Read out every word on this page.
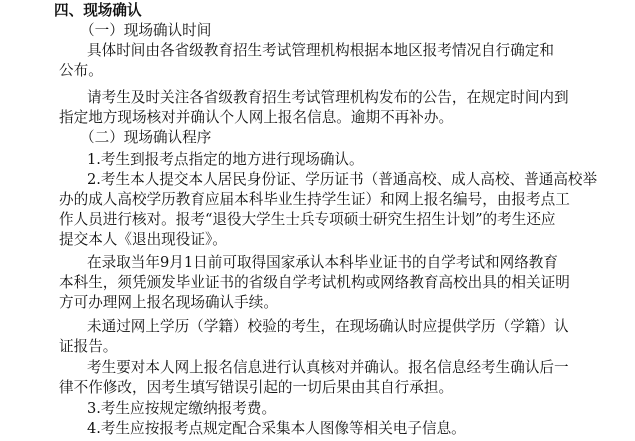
四、现场确认
（一）现场确认时间
具体时间由各省级教育招生考试管理机构根据本地区报考情况自行确定和
公布。
请考生及时关注各省级教育招生考试管理机构发布的公告，在规定时间内到
指定地方现场核对并确认个人网上报名信息。逾期不再补办。
（二）现场确认程序
1.考生到报考点指定的地方进行现场确认。
2.考生本人提交本人居民身份证、学历证书（普通高校、成人高校、普通高校举
办的成人高校学历教育应届本科毕业生持学生证）和网上报名编号，由报考点工
作人员进行核对。报考“退役大学生士兵专项硕士研究生招生计划”的考生还应
提交本人《退出现役证》。
在录取当年9月1日前可取得国家承认本科毕业证书的自学考试和网络教育
本科生，须凭颁发毕业证书的省级自学考试机构或网络教育高校出具的相关证明
方可办理网上报名现场确认手续。
未通过网上学历（学籍）校验的考生，在现场确认时应提供学历（学籍）认
证报告。
考生要对本人网上报名信息进行认真核对并确认。报名信息经考生确认后一
律不作修改，因考生填写错误引起的一切后果由其自行承担。
3.考生应按规定缴纳报考费。
4.考生应按报考点规定配合采集本人图像等相关电子信息。
